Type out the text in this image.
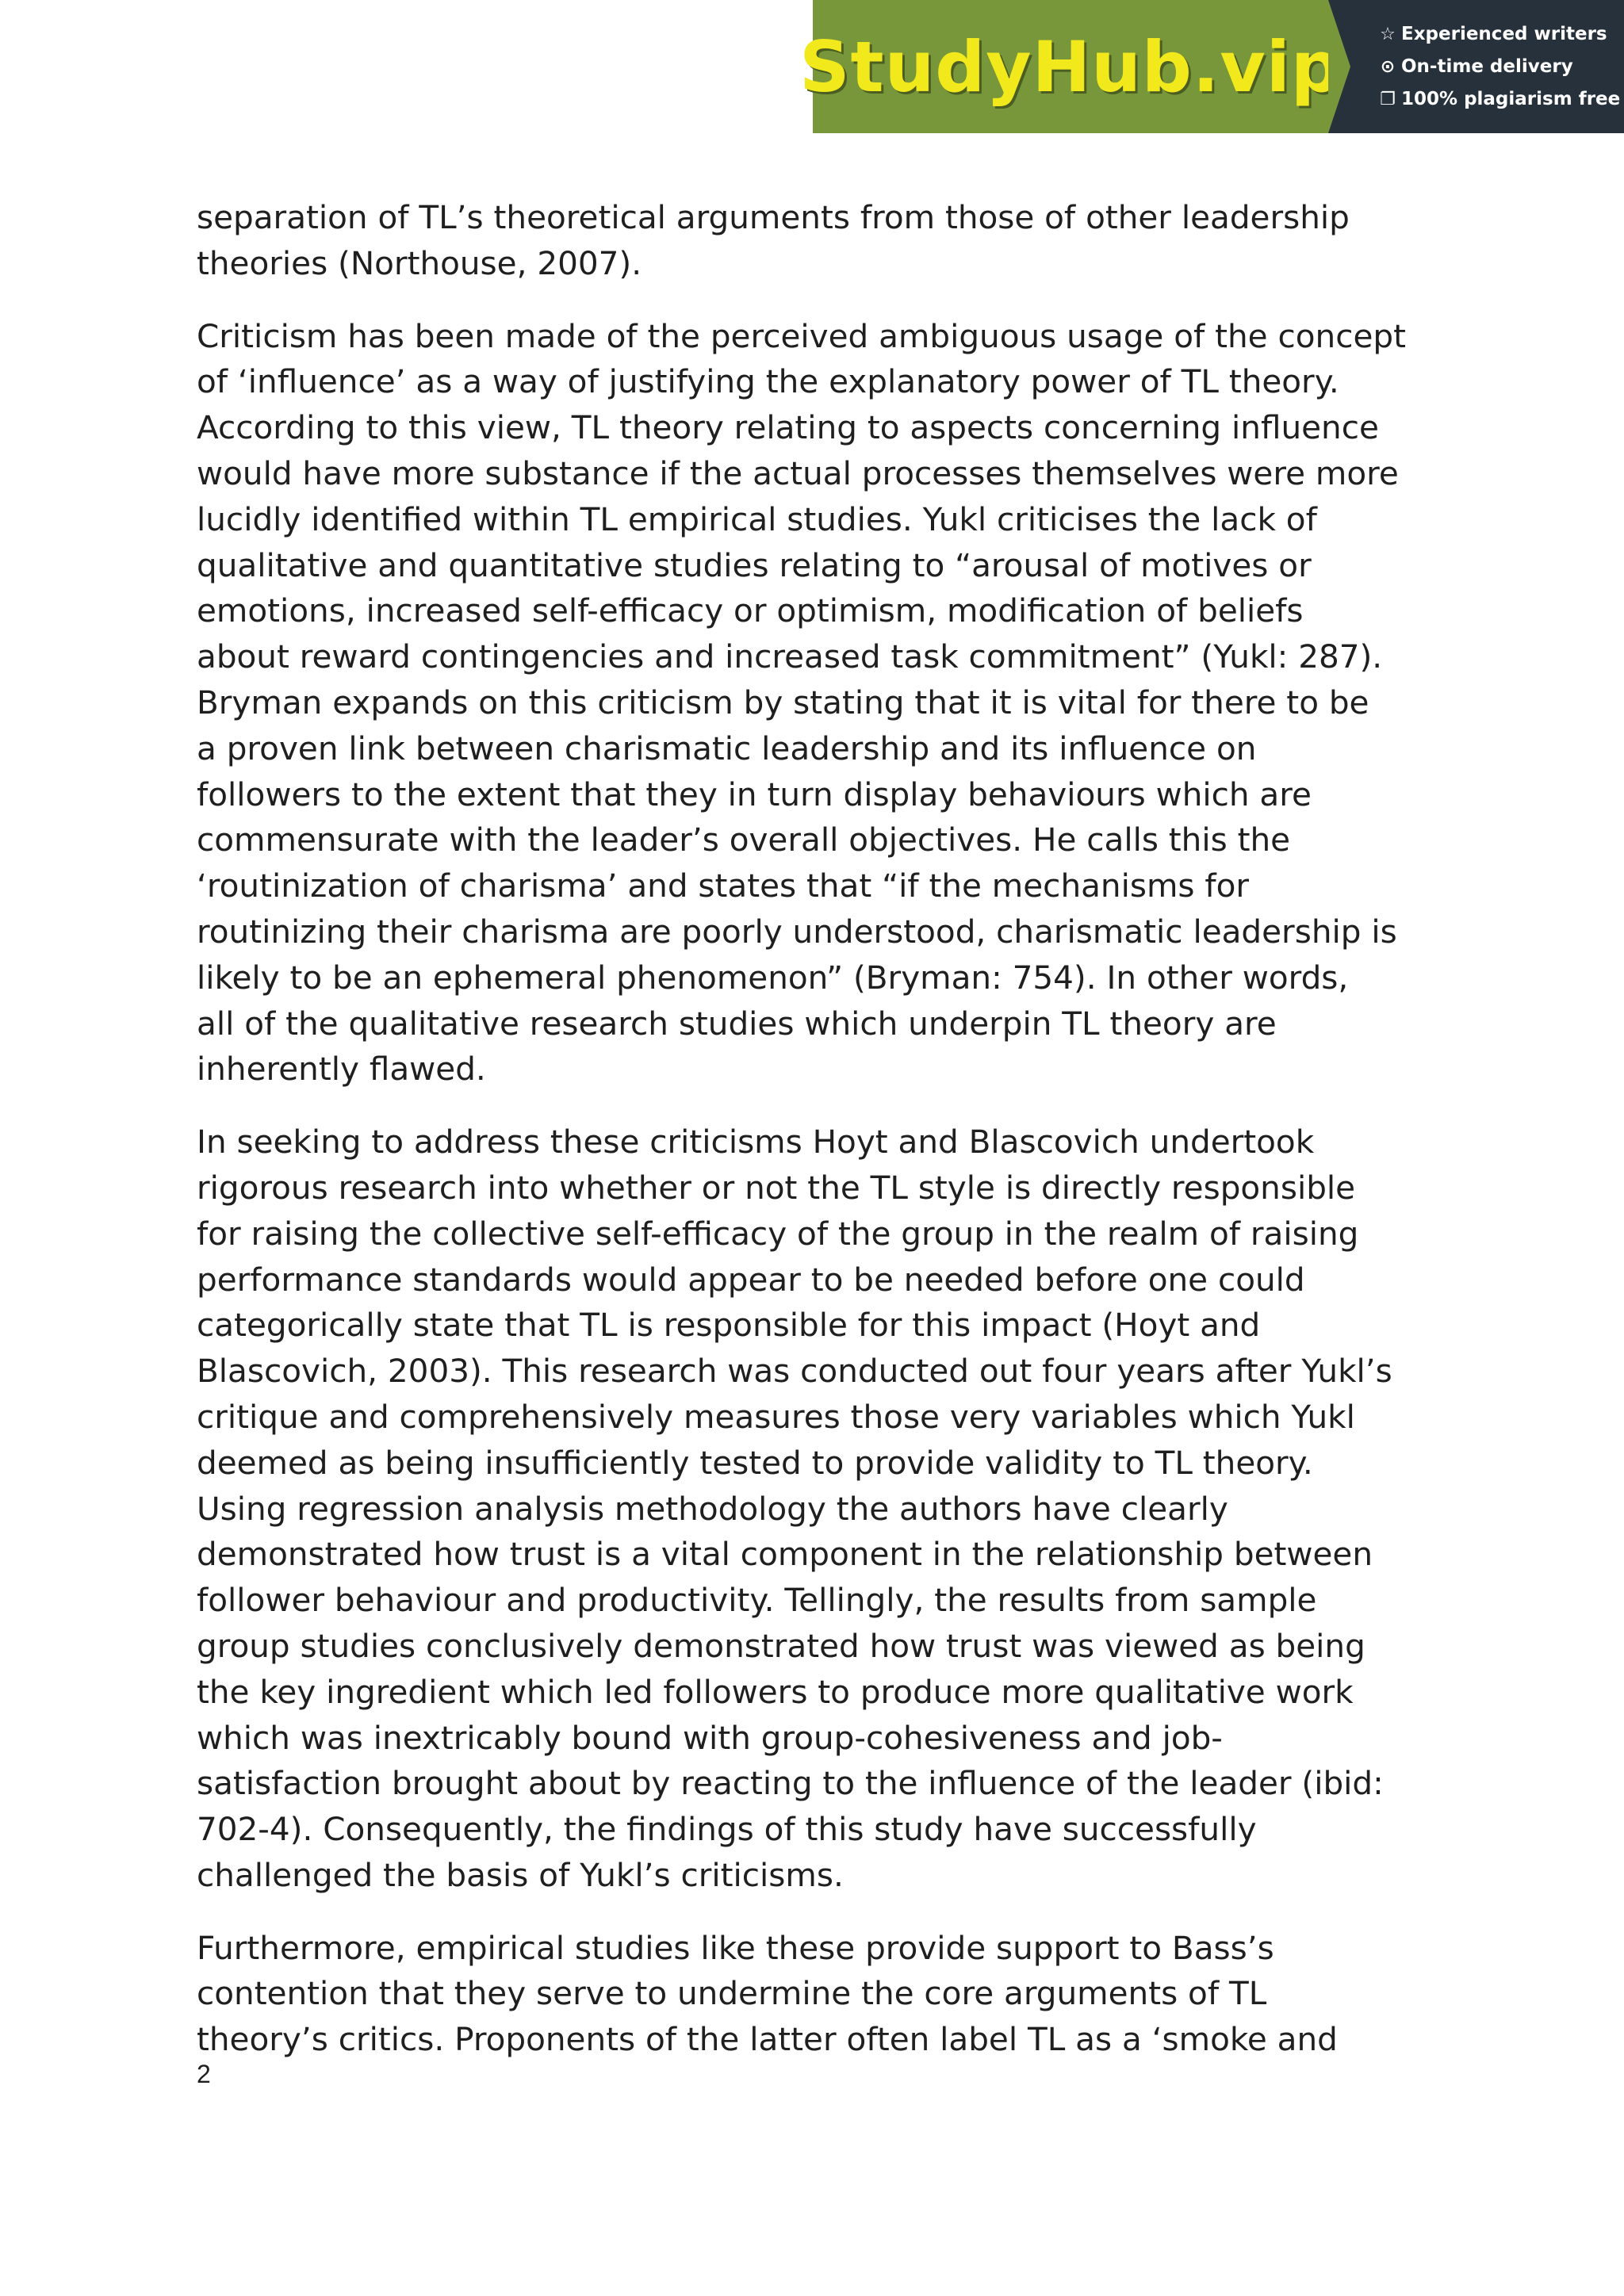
StudyHub.vip ☆ Experienced writers
⊙ On-time delivery
❐ 100% plagiarism free

separation of TL’s theoretical arguments from those of other leadership
theories (Northouse, 2007).

Criticism has been made of the perceived ambiguous usage of the concept
of ‘influence’ as a way of justifying the explanatory power of TL theory.
According to this view, TL theory relating to aspects concerning influence
would have more substance if the actual processes themselves were more
lucidly identified within TL empirical studies. Yukl criticises the lack of
qualitative and quantitative studies relating to “arousal of motives or
emotions, increased self-efficacy or optimism, modification of beliefs
about reward contingencies and increased task commitment” (Yukl: 287).
Bryman expands on this criticism by stating that it is vital for there to be
a proven link between charismatic leadership and its influence on
followers to the extent that they in turn display behaviours which are
commensurate with the leader’s overall objectives. He calls this the
‘routinization of charisma’ and states that “if the mechanisms for
routinizing their charisma are poorly understood, charismatic leadership is
likely to be an ephemeral phenomenon” (Bryman: 754). In other words,
all of the qualitative research studies which underpin TL theory are
inherently flawed.

In seeking to address these criticisms Hoyt and Blascovich undertook
rigorous research into whether or not the TL style is directly responsible
for raising the collective self-efficacy of the group in the realm of raising
performance standards would appear to be needed before one could
categorically state that TL is responsible for this impact (Hoyt and
Blascovich, 2003). This research was conducted out four years after Yukl’s
critique and comprehensively measures those very variables which Yukl
deemed as being insufficiently tested to provide validity to TL theory.
Using regression analysis methodology the authors have clearly
demonstrated how trust is a vital component in the relationship between
follower behaviour and productivity. Tellingly, the results from sample
group studies conclusively demonstrated how trust was viewed as being
the key ingredient which led followers to produce more qualitative work
which was inextricably bound with group-cohesiveness and job-
satisfaction brought about by reacting to the influence of the leader (ibid:
702-4). Consequently, the findings of this study have successfully
challenged the basis of Yukl’s criticisms.

Furthermore, empirical studies like these provide support to Bass’s
contention that they serve to undermine the core arguments of TL
theory’s critics. Proponents of the latter often label TL as a ‘smoke and

2
